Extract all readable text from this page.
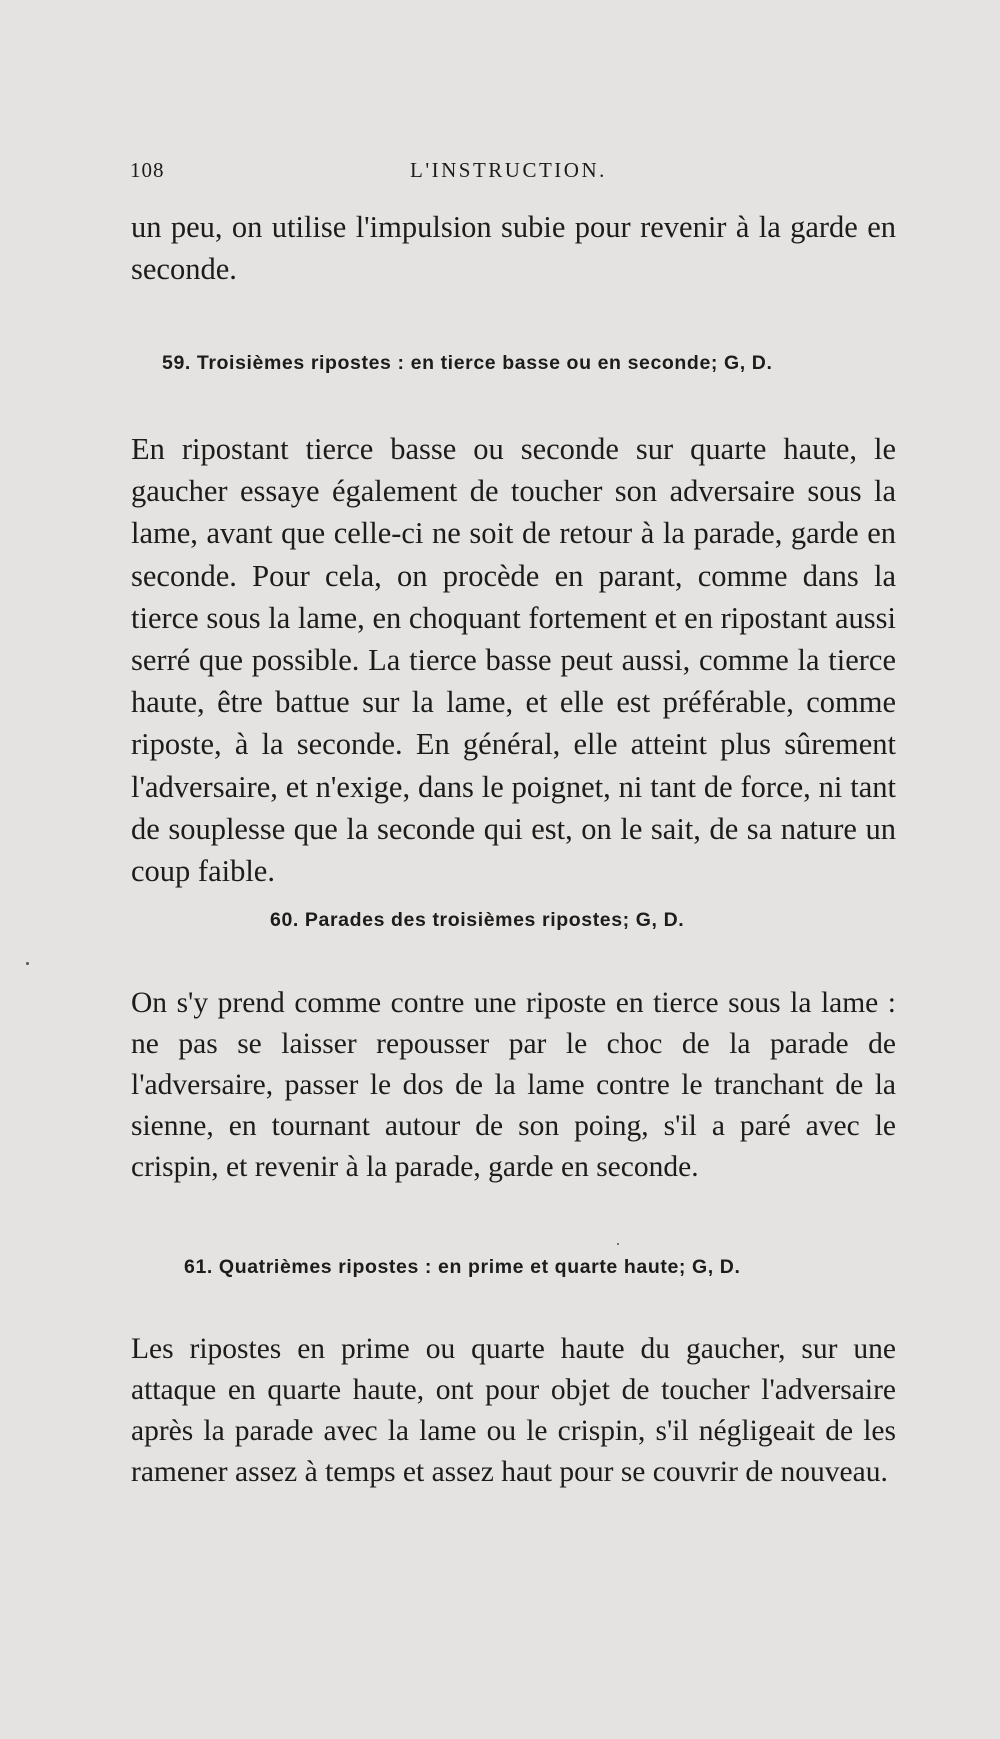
108	L'INSTRUCTION.

un peu, on utilise l'impulsion subie pour revenir à la garde en seconde.

59. Troisièmes ripostes : en tierce basse ou en seconde; G, D.

En ripostant tierce basse ou seconde sur quarte haute, le gaucher essaye également de toucher son adversaire sous la lame, avant que celle-ci ne soit de retour à la parade, garde en seconde. Pour cela, on procède en parant, comme dans la tierce sous la lame, en choquant fortement et en ripostant aussi serré que possible. La tierce basse peut aussi, comme la tierce haute, être battue sur la lame, et elle est préférable, comme riposte, à la seconde. En général, elle atteint plus sûrement l'adversaire, et n'exige, dans le poignet, ni tant de force, ni tant de souplesse que la seconde qui est, on le sait, de sa nature un coup faible.

60. Parades des troisièmes ripostes; G, D.

On s'y prend comme contre une riposte en tierce sous la lame : ne pas se laisser repousser par le choc de la parade de l'adversaire, passer le dos de la lame contre le tranchant de la sienne, en tournant autour de son poing, s'il a paré avec le crispin, et revenir à la parade, garde en seconde.

61. Quatrièmes ripostes : en prime et quarte haute; G, D.

Les ripostes en prime ou quarte haute du gaucher, sur une attaque en quarte haute, ont pour objet de toucher l'adversaire après la parade avec la lame ou le crispin, s'il négligeait de les ramener assez à temps et assez haut pour se couvrir de nouveau.
